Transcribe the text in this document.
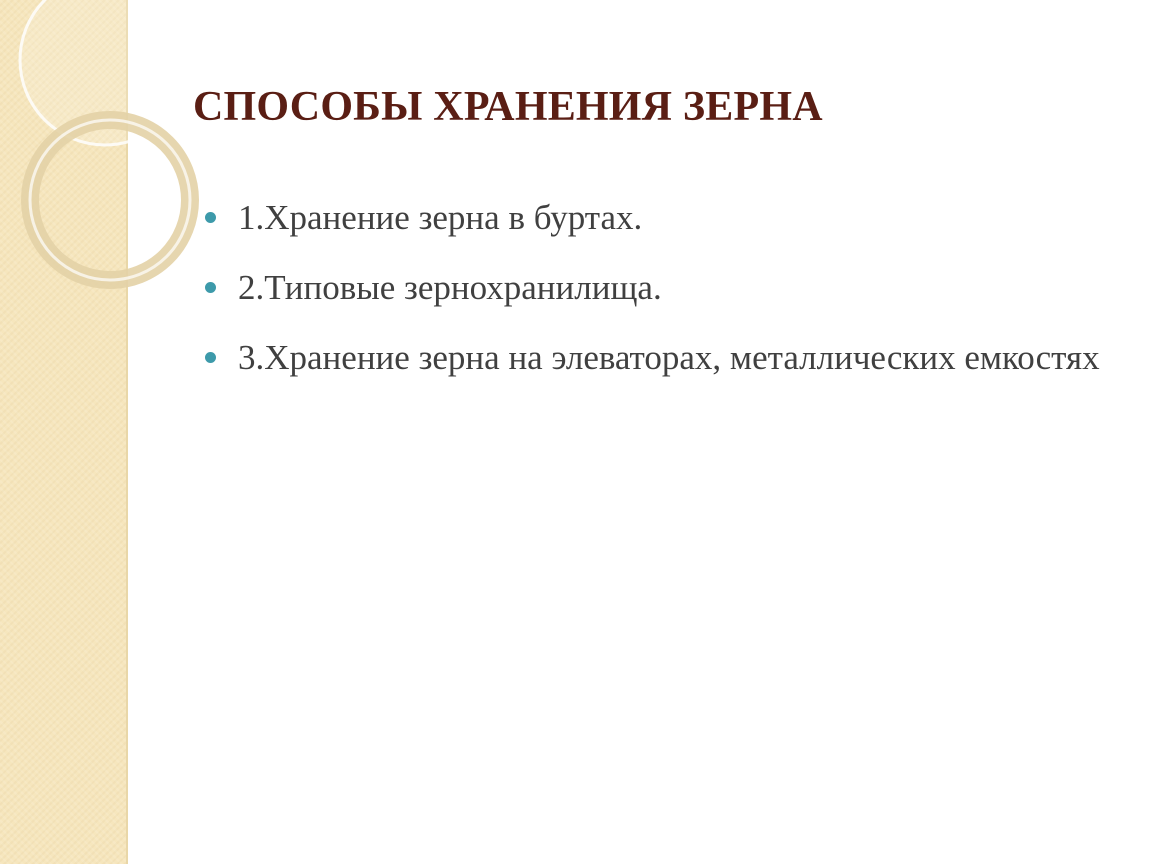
СПОСОБЫ ХРАНЕНИЯ ЗЕРНА
1.Хранение зерна в буртах.
2.Типовые зернохранилища.
3.Хранение зерна на элеваторах, металлических емкостях
